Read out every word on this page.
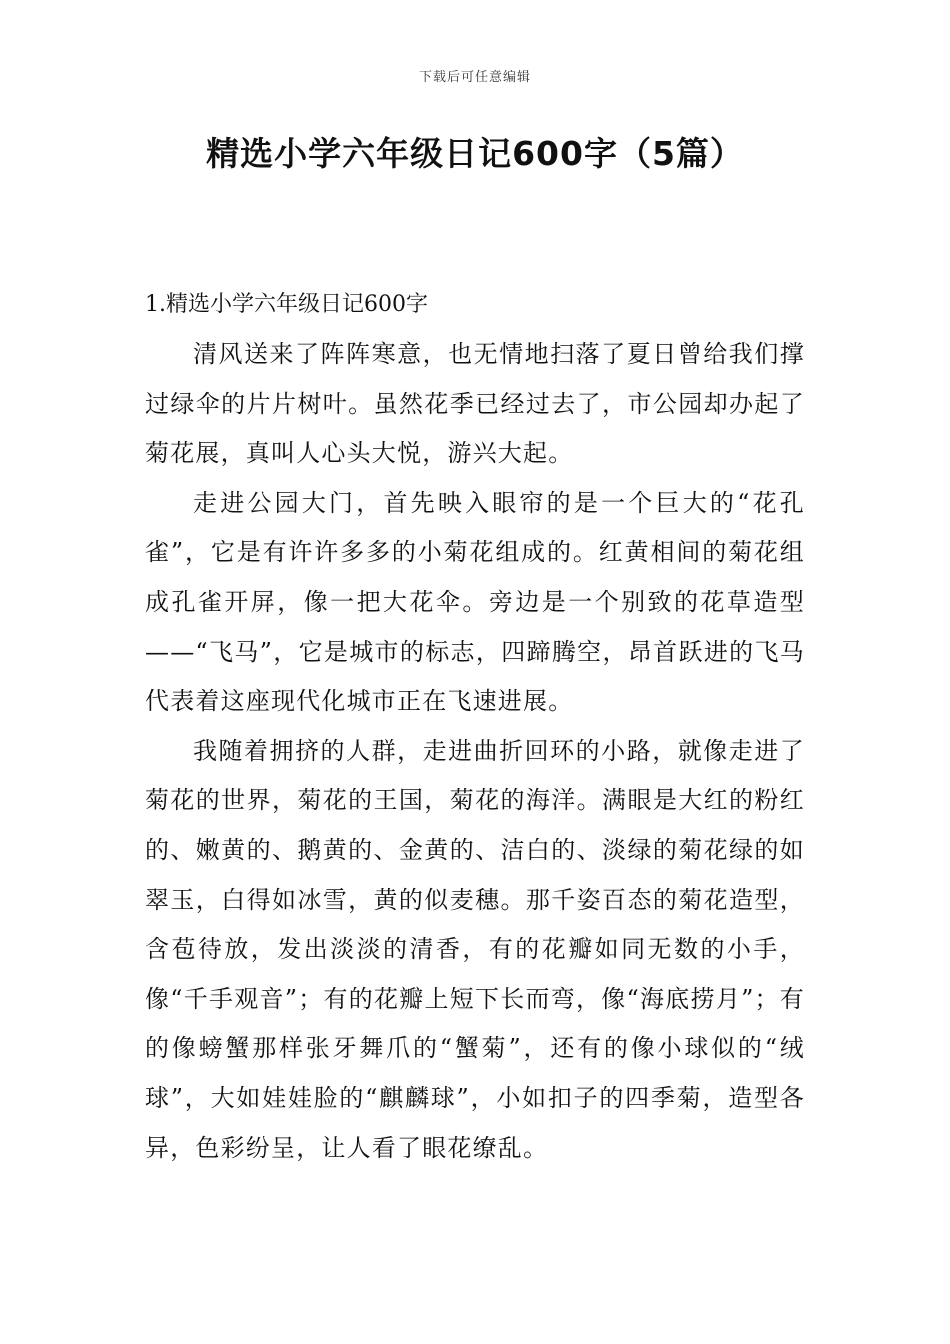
下载后可任意编辑
精选小学六年级日记600字（5篇）

1.精选小学六年级日记600字

清风送来了阵阵寒意，也无情地扫落了夏日曾给我们撑过绿伞的片片树叶。虽然花季已经过去了，市公园却办起了菊花展，真叫人心头大悦，游兴大起。

走进公园大门，首先映入眼帘的是一个巨大的“花孔雀”，它是有许许多多的小菊花组成的。红黄相间的菊花组成孔雀开屏，像一把大花伞。旁边是一个别致的花草造型——“飞马”，它是城市的标志，四蹄腾空，昂首跃进的飞马代表着这座现代化城市正在飞速进展。

我随着拥挤的人群，走进曲折回环的小路，就像走进了菊花的世界，菊花的王国，菊花的海洋。满眼是大红的粉红的、嫩黄的、鹅黄的、金黄的、洁白的、淡绿的菊花绿的如翠玉，白得如冰雪，黄的似麦穗。那千姿百态的菊花造型，含苞待放，发出淡淡的清香，有的花瓣如同无数的小手，像“千手观音”；有的花瓣上短下长而弯，像“海底捞月”；有的像螃蟹那样张牙舞爪的“蟹菊”，还有的像小球似的“绒球”，大如娃娃脸的“麒麟球”，小如扣子的四季菊，造型各异，色彩纷呈，让人看了眼花缭乱。
